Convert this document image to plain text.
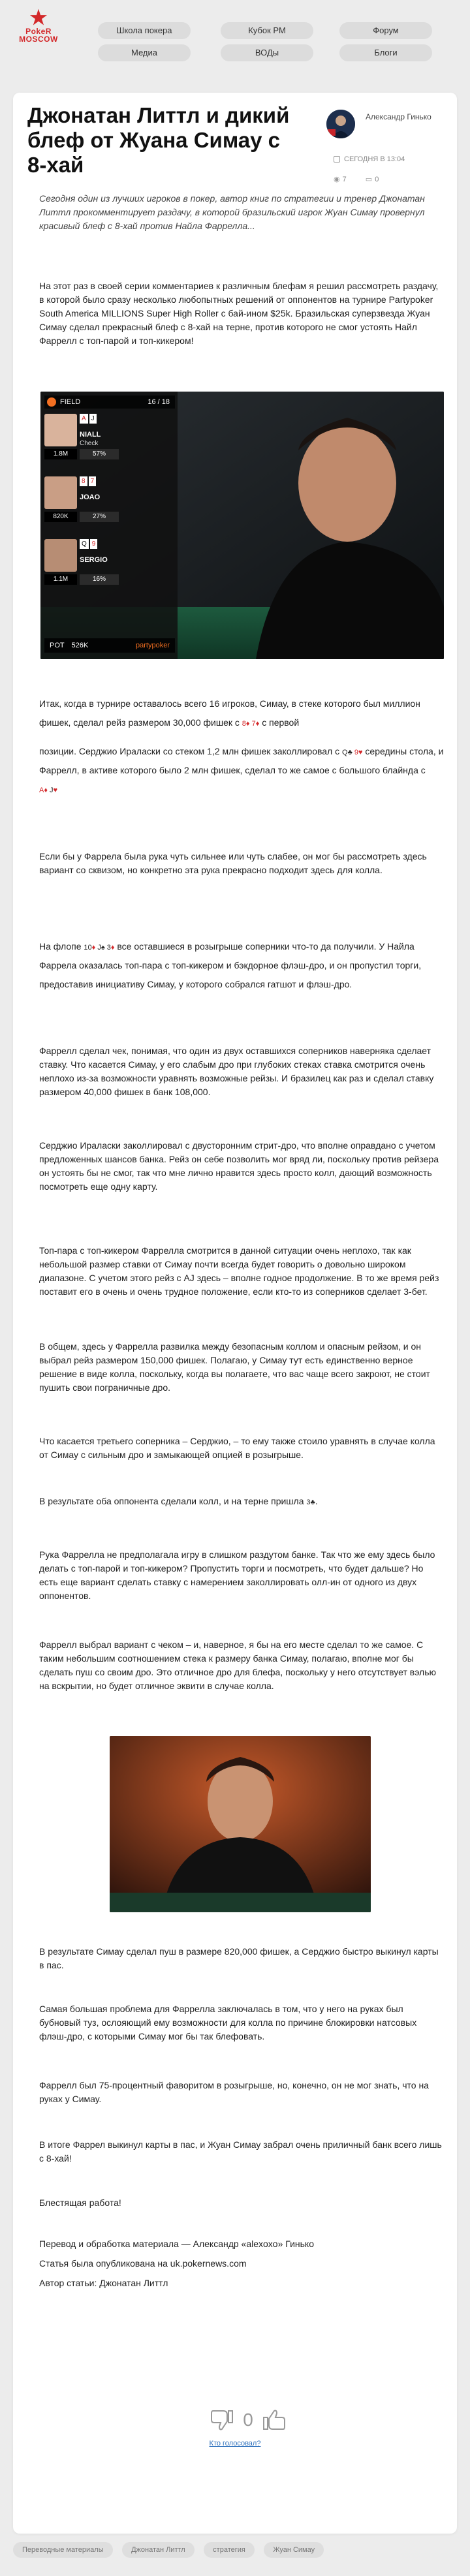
★
PokeR
MOSCOW
Школа покера	Кубок РМ	Форум
Медиа	ВОДы	Блоги
Джонатан Литтл и дикий блеф от Жуана Симау с 8-хай
Александр Гинько
СЕГОДНЯ В 13:04
◉ 7	▭ 0

Сегодня один из лучших игроков в покер, автор книг по стратегии и тренер Джонатан Литтл прокомментирует раздачу, в которой бразильский игрок Жуан Симау провернул красивый блеф с 8-хай против Найла Фаррелла...

На этот раз в своей серии комментариев к различным блефам я решил рассмотреть раздачу, в которой было сразу несколько любопытных решений от оппонентов на турнире Partypoker South America MILLIONS Super High Roller с бай-ином $25k. Бразильская суперзвезда Жуан Симау сделал прекрасный блеф с 8-хай на терне, против которого не смог устоять Найл Фаррелл с топ-парой и топ-кикером!

FIELD	16 / 18
A J
NIALL
Check
1.8M	57%
8 7
JOAO
820K	27%
Q 9
SERGIO
1.1M	16%
POT 526K	partypoker

Итак, когда в турнире оставалось всего 16 игроков, Симау, в стеке которого был миллион фишек, сделал рейз размером 30,000 фишек с 8♦ 7♦ с первой

позиции. Серджио Ираласки со стеком 1,2 млн фишек заколлировал с Q♣ 9♥ середины стола, и Фаррелл, в активе которого было 2 млн фишек, сделал то же самое с большого блайнда с A♦ J♥

Если бы у Фаррела была рука чуть сильнее или чуть слабее, он мог бы рассмотреть здесь вариант со сквизом, но конкретно эта рука прекрасно подходит здесь для колла.

На флопе 10♦ J♠ 3♦ все оставшиеся в розыгрыше соперники что-то да получили. У Найла Фаррела оказалась топ-пара с топ-кикером и бэкдорное флэш-дро, и он пропустил торги, предоставив инициативу Симау, у которого собрался гатшот и флэш-дро.

Фаррелл сделал чек, понимая, что один из двух оставшихся соперников наверняка сделает ставку. Что касается Симау, у его слабым дро при глубоких стеках ставка смотрится очень неплохо из-за возможности уравнять возможные рейзы. И бразилец как раз и сделал ставку размером 40,000 фишек в банк 108,000.

Серджио Ираласки заколлировал с двусторонним стрит-дро, что вполне оправдано с учетом предложенных шансов банка. Рейз он себе позволить мог вряд ли, поскольку против рейзера он устоять бы не смог, так что мне лично нравится здесь просто колл, дающий возможность посмотреть еще одну карту.

Топ-пара с топ-кикером Фаррелла смотрится в данной ситуации очень неплохо, так как небольшой размер ставки от Симау почти всегда будет говорить о довольно широком диапазоне. С учетом этого рейз с AJ здесь – вполне годное продолжение. В то же время рейз поставит его в очень и очень трудное положение, если кто-то из соперников сделает 3-бет.

В общем, здесь у Фаррелла развилка между безопасным коллом и опасным рейзом, и он выбрал рейз размером 150,000 фишек. Полагаю, у Симау тут есть единственно верное решение в виде колла, поскольку, когда вы полагаете, что вас чаще всего закроют, не стоит пушить свои пограничные дро.

Что касается третьего соперника – Серджио, – то ему также стоило уравнять в случае колла от Симау с сильным дро и замыкающей опцией в розыгрыше.

В результате оба оппонента сделали колл, и на терне пришла 3♣.

Рука Фаррелла не предполагала игру в слишком раздутом банке. Так что же ему здесь было делать с топ-парой и топ-кикером? Пропустить торги и посмотреть, что будет дальше? Но есть еще вариант сделать ставку с намерением заколлировать олл-ин от одного из двух оппонентов.

Фаррелл выбрал вариант с чеком – и, наверное, я бы на его месте сделал то же самое. С таким небольшим соотношением стека к размеру банка Симау, полагаю, вполне мог бы сделать пуш со своим дро. Это отличное дро для блефа, поскольку у него отсутствует вэлью на вскрытии, но будет отличное эквити в случае колла.

В результате Симау сделал пуш в размере 820,000 фишек, а Серджио быстро выкинул карты в пас.

Самая большая проблема для Фаррелла заключалась в том, что у него на руках был бубновый туз, ослояющий ему возможности для колла по причине блокировки натсовых флэш-дро, с которыми Симау мог бы так блефовать.

Фаррелл был 75-процентный фаворитом в розыгрыше, но, конечно, он не мог знать, что на руках у Симау.

В итоге Фаррел выкинул карты в пас, и Жуан Симау забрал очень приличный банк всего лишь с 8-хай!

Блестящая работа!

Перевод и обработка материала — Александр «alexoxo» Гинько

Статья была опубликована на uk.pokernews.com

Автор статьи: Джонатан Литтл

0
Кто голосовал?
Переводные материалы	Джонатан Литтл	стратегия	Жуан Симау
